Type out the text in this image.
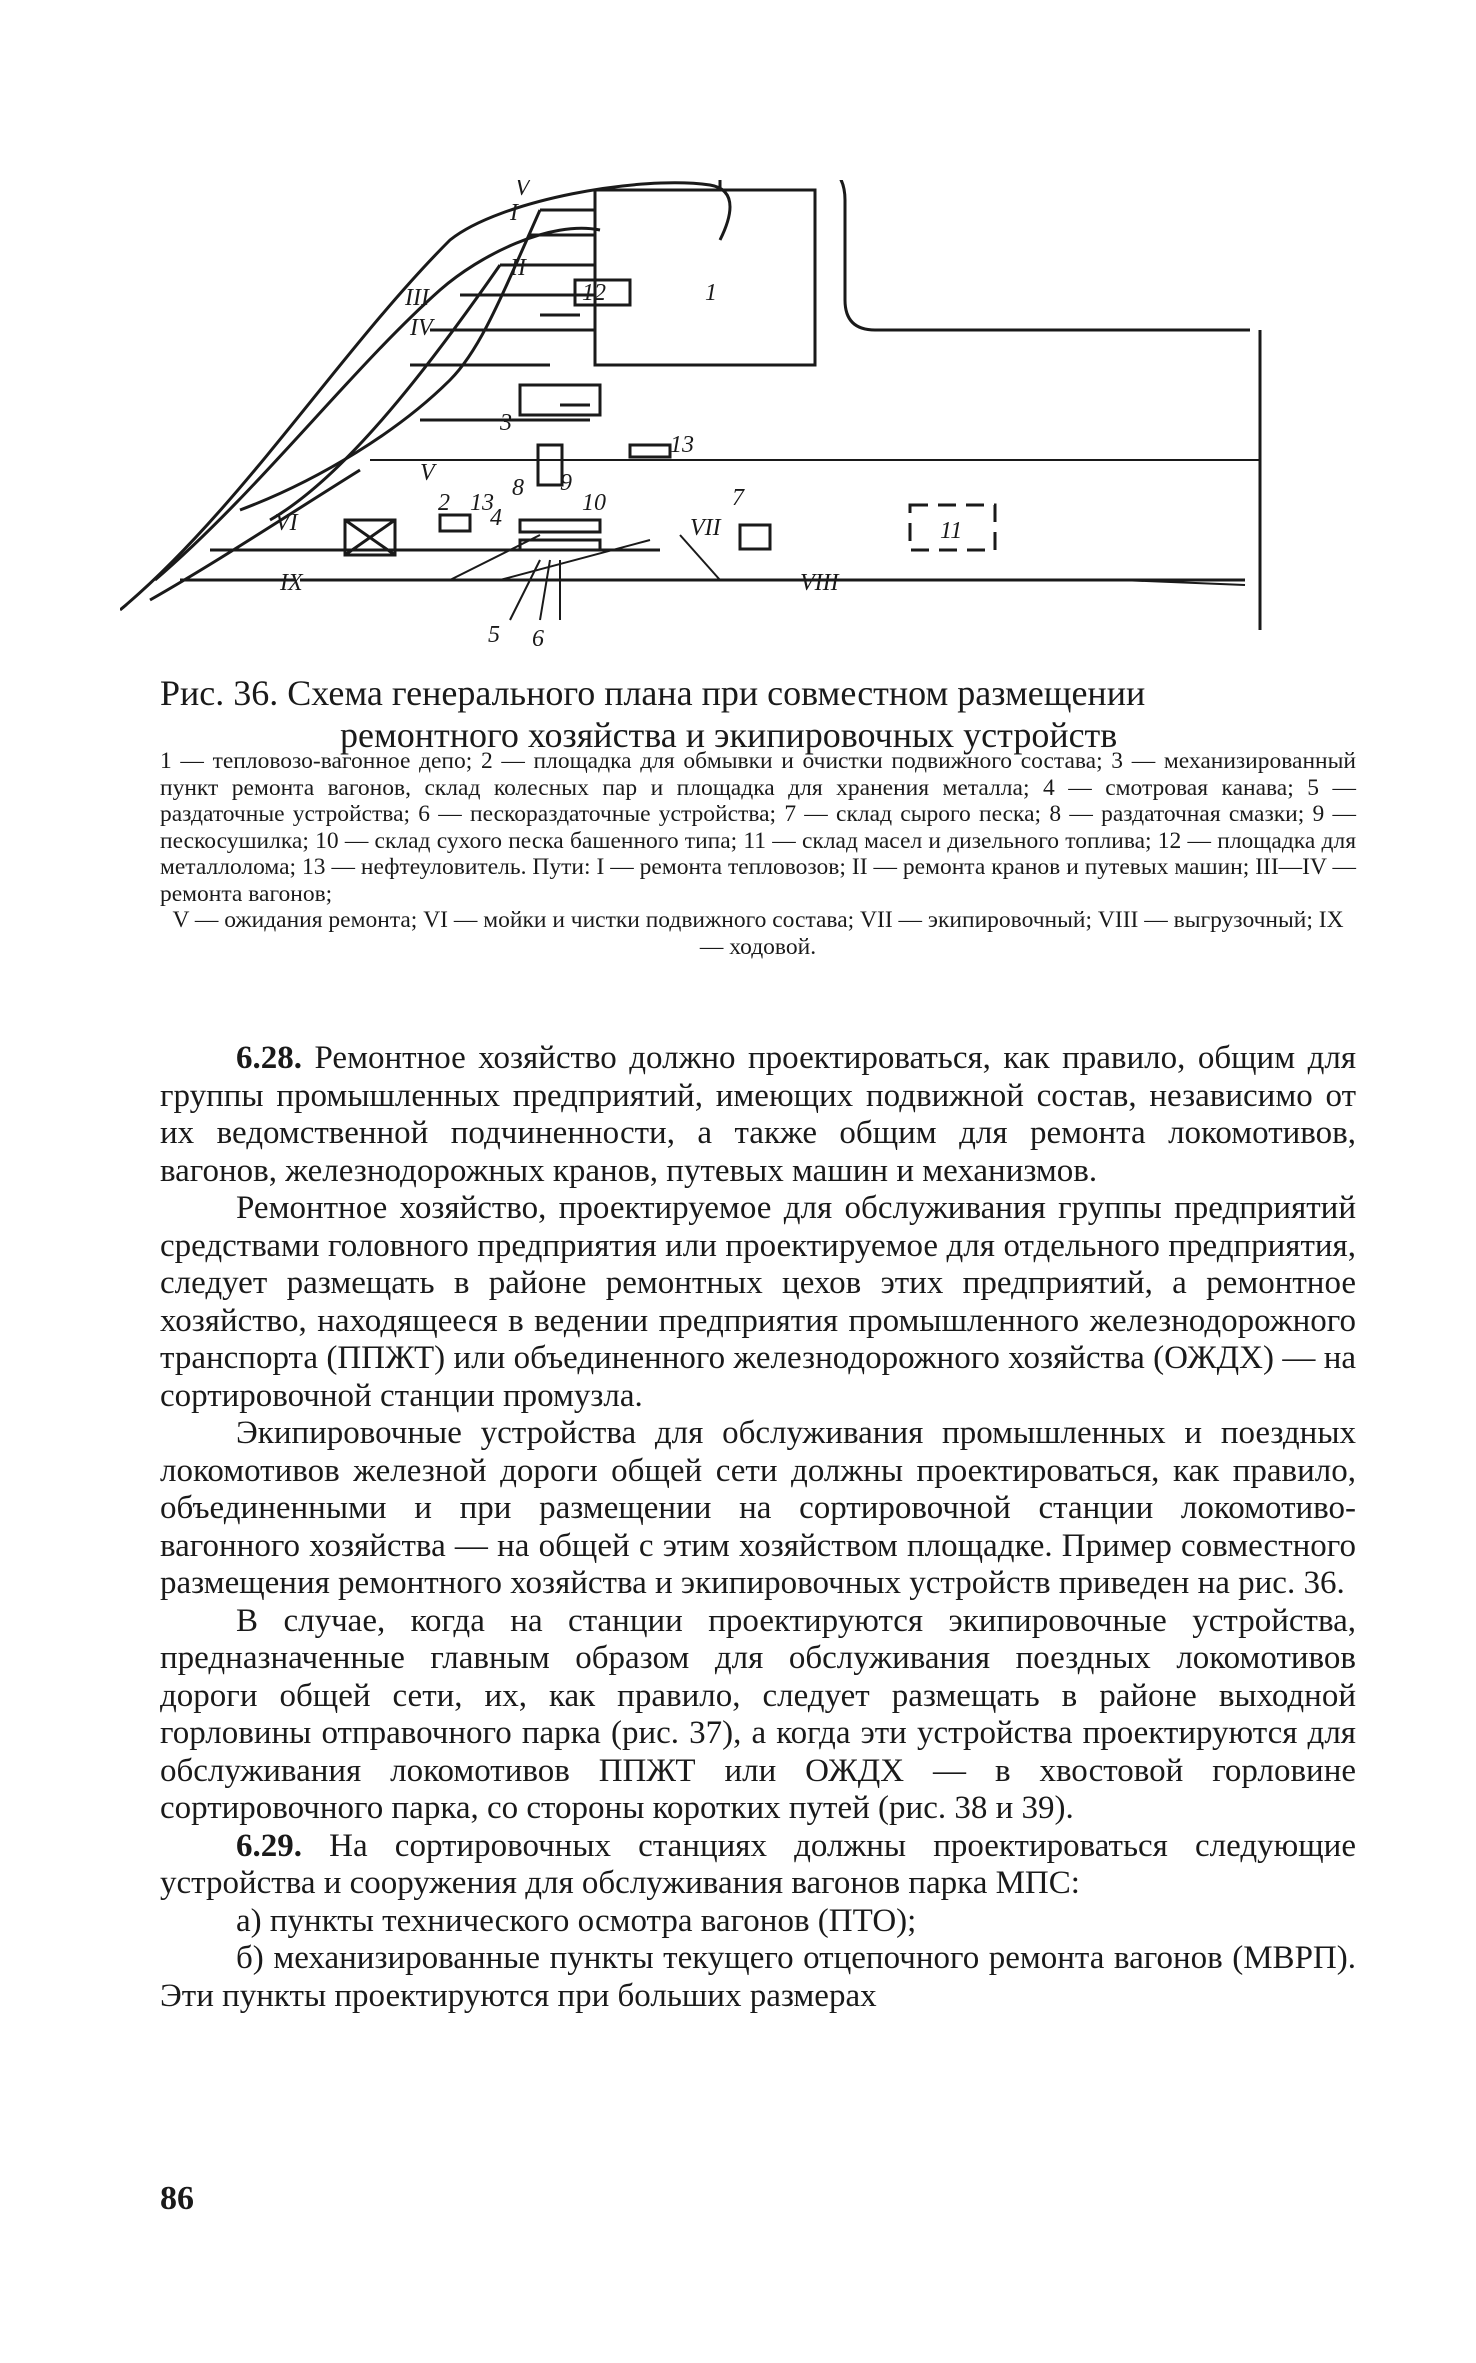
1
2
3
4
5 6
7
8 9
10
11
12
13
13
I
II
III
IV
V
V
VI	VII
VIII
IX
Рис. 36. Схема генерального плана при совместном размещении
ремонтного хозяйства и экипировочных устройств
1 — тепловозо-вагонное депо; 2 — площадка для обмывки и очистки подвижного состава; 3 — механизированный пункт ремонта вагонов, склад колесных пар и площадка для хранения металла; 4 — смотровая канава; 5 — раздаточные устройства; 6 — пескораздаточные устройства; 7 — склад сырого песка; 8 — раздаточная смазки; 9 — пескосушилка; 10 — склад сухого песка башенного типа; 11 — склад масел и дизельного топлива; 12 — площадка для металлолома; 13 — нефтеуловитель. Пути: I — ремонта тепловозов; II — ремонта кранов и путевых машин; III—IV — ремонта вагонов;
V — ожидания ремонта; VI — мойки и чистки подвижного состава; VII — экипировочный; VIII — выгрузочный; IX — ходовой.

6.28. Ремонтное хозяйство должно проектироваться, как правило, общим для группы промышленных предприятий, имеющих подвижной состав, независимо от их ведомственной подчиненности, а также общим для ремонта локомотивов, вагонов, железнодорожных кранов, путевых машин и механизмов.

Ремонтное хозяйство, проектируемое для обслуживания группы предприятий средствами головного предприятия или проектируемое для отдельного предприятия, следует размещать в районе ремонтных цехов этих предприятий, а ремонтное хозяйство, находящееся в ведении предприятия промышленного железнодорожного транспорта (ППЖТ) или объединенного железнодорожного хозяйства (ОЖДХ) — на сортировочной станции промузла.

Экипировочные устройства для обслуживания промышленных и поездных локомотивов железной дороги общей сети должны проектироваться, как правило, объединенными и при размещении на сортировочной станции локомотиво-вагонного хозяйства — на общей с этим хозяйством площадке. Пример совместного размещения ремонтного хозяйства и экипировочных устройств приведен на рис. 36.

В случае, когда на станции проектируются экипировочные устройства, предназначенные главным образом для обслуживания поездных локомотивов дороги общей сети, их, как правило, следует размещать в районе выходной горловины отправочного парка (рис. 37), а когда эти устройства проектируются для обслуживания локомотивов ППЖТ или ОЖДХ — в хвостовой горловине сортировочного парка, со стороны коротких путей (рис. 38 и 39).

6.29. На сортировочных станциях должны проектироваться следующие устройства и сооружения для обслуживания вагонов парка МПС:

а) пункты технического осмотра вагонов (ПТО);

б) механизированные пункты текущего отцепочного ремонта вагонов (МВРП). Эти пункты проектируются при больших размерах

86
